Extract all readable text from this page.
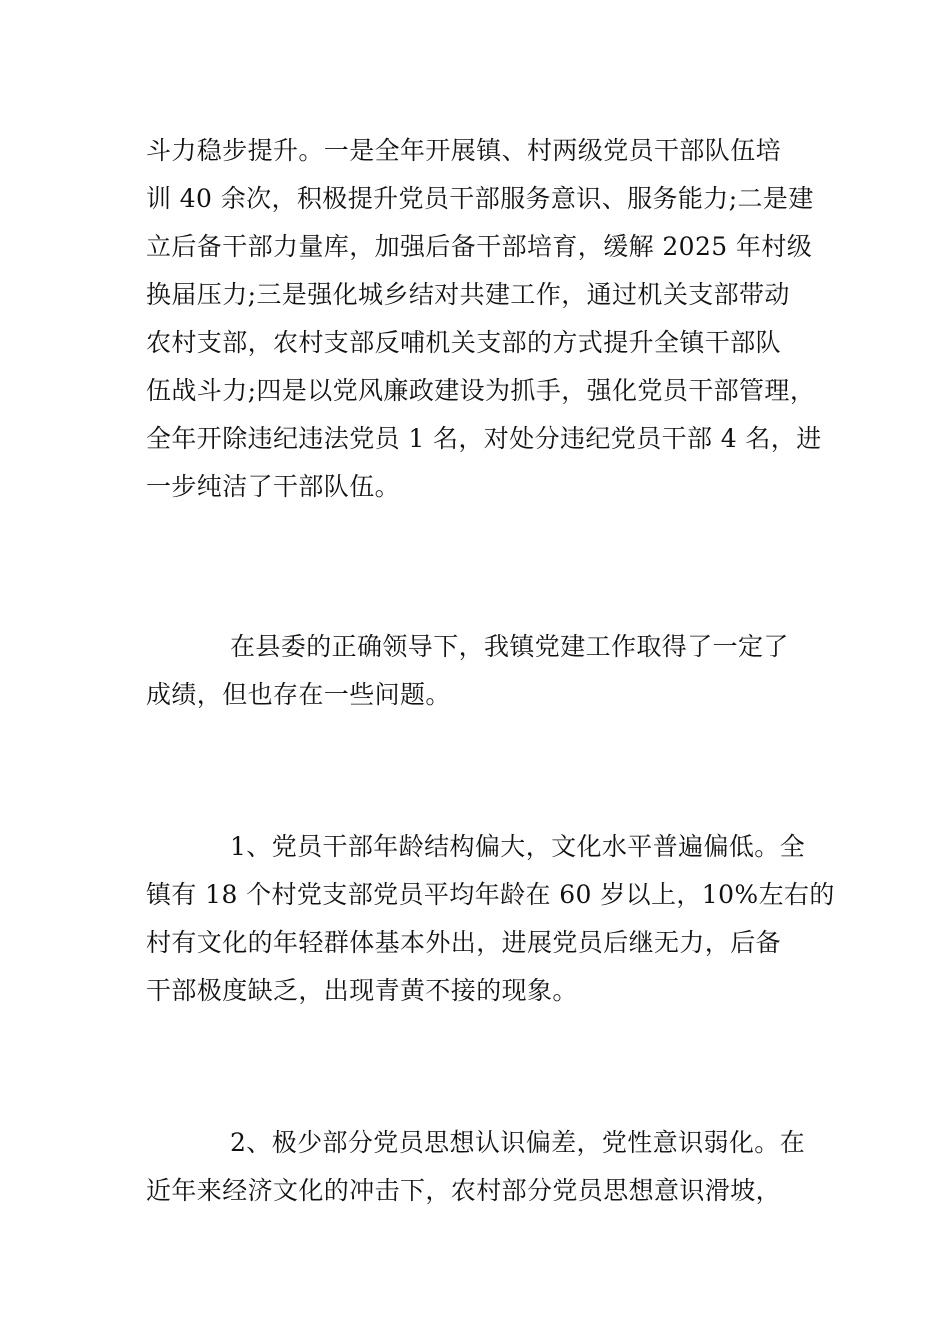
斗力稳步提升。一是全年开展镇、村两级党员干部队伍培

训 40 余次，积极提升党员干部服务意识、服务能力;二是建

立后备干部力量库，加强后备干部培育，缓解 2025 年村级

换届压力;三是强化城乡结对共建工作，通过机关支部带动

农村支部，农村支部反哺机关支部的方式提升全镇干部队

伍战斗力;四是以党风廉政建设为抓手，强化党员干部管理，

全年开除违纪违法党员 1 名，对处分违纪党员干部 4 名，进

一步纯洁了干部队伍。

在县委的正确领导下，我镇党建工作取得了一定了

成绩，但也存在一些问题。

1、党员干部年龄结构偏大，文化水平普遍偏低。全

镇有 18 个村党支部党员平均年龄在 60 岁以上，10%左右的

村有文化的年轻群体基本外出，进展党员后继无力，后备

干部极度缺乏，出现青黄不接的现象。

2、极少部分党员思想认识偏差，党性意识弱化。在

近年来经济文化的冲击下，农村部分党员思想意识滑坡，
